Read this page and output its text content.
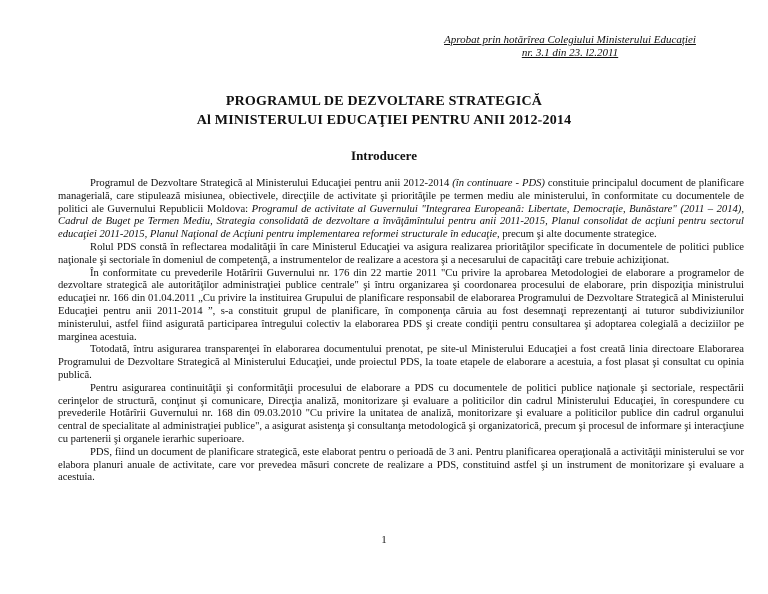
Aprobat prin hotărîrea Colegiului Ministerului Educaţiei
nr. 3.1 din 23. l2.2011
PROGRAMUL DE DEZVOLTARE STRATEGICĂ
Al MINISTERULUI EDUCAŢIEI PENTRU ANII 2012-2014
Introducere

Programul de Dezvoltare Strategică al Ministerului Educaţiei pentru anii 2012-2014 (în continuare - PDS) constituie principalul document de planificare managerială, care stipulează misiunea, obiectivele, direcţiile de activitate şi priorităţile pe termen mediu ale ministerului, în conformitate cu documentele de politici ale Guvernului Republicii Moldova: Programul de activitate al Guvernului "Integrarea Europeană: Libertate, Democraţie, Bunăstare" (2011 – 2014), Cadrul de Buget pe Termen Mediu, Strategia consolidată de dezvoltare a învăţămîntului pentru anii 2011-2015, Planul consolidat de acţiuni pentru sectorul educaţiei 2011-2015, Planul Naţional de Acţiuni pentru implementarea reformei structurale în educaţie, precum şi alte documente strategice.

Rolul PDS constă în reflectarea modalităţii în care Ministerul Educaţiei va asigura realizarea priorităţilor specificate în documentele de politici publice naţionale şi sectoriale în domeniul de competenţă, a instrumentelor de realizare a acestora şi a necesarului de capacităţi care trebuie achiziţionat.

În conformitate cu prevederile Hotărîrii Guvernului nr. 176 din 22 martie 2011 "Cu privire la aprobarea Metodologiei de elaborare a programelor de dezvoltare strategică ale autorităţilor administraţiei publice centrale" şi întru organizarea şi coordonarea procesului de elaborare, prin dispoziţia ministrului educaţiei nr. 166 din 01.04.2011 „Cu privire la instituirea Grupului de planificare responsabil de elaborarea Programului de Dezvoltare Strategică al Ministerului Educaţiei pentru anii 2011-2014 ”, s-a constituit grupul de planificare, în componenţa căruia au fost desemnaţi reprezentanţi ai tuturor subdiviziunilor ministerului, astfel fiind asigurată participarea întregului colectiv la elaborarea PDS şi create condiţii pentru consultarea şi adoptarea colegială a deciziilor pe marginea acestuia.

Totodată, întru asigurarea transparenţei în elaborarea documentului prenotat, pe site-ul Ministerului Educaţiei a fost creată linia directoare Elaborarea Programului de Dezvoltare Strategică al Ministerului Educaţiei, unde proiectul PDS, la toate etapele de elaborare a acestuia, a fost plasat şi consultat cu opinia publică.

Pentru asigurarea continuităţii şi conformităţii procesului de elaborare a PDS cu documentele de politici publice naţionale şi sectoriale, respectării cerinţelor de structură, conţinut şi comunicare, Direcţia analiză, monitorizare şi evaluare a politicilor din cadrul Ministerului Educaţiei, în corespundere cu prevederile Hotărîrii Guvernului nr. 168 din 09.03.2010 "Cu privire la unitatea de analiză, monitorizare şi evaluare a politicilor publice din cadrul organului central de specialitate al administraţiei publice", a asigurat asistenţa şi consultanţa metodologică şi organizatorică, precum şi procesul de informare şi interacţiune cu partenerii şi organele ierarhic superioare.

PDS, fiind un document de planificare strategică, este elaborat pentru o perioadă de 3 ani. Pentru planificarea operaţională a activităţii ministerului se vor elabora planuri anuale de activitate, care vor prevedea măsuri concrete de realizare a PDS, constituind astfel şi un instrument de monitorizare şi evaluare a acestuia.

1
